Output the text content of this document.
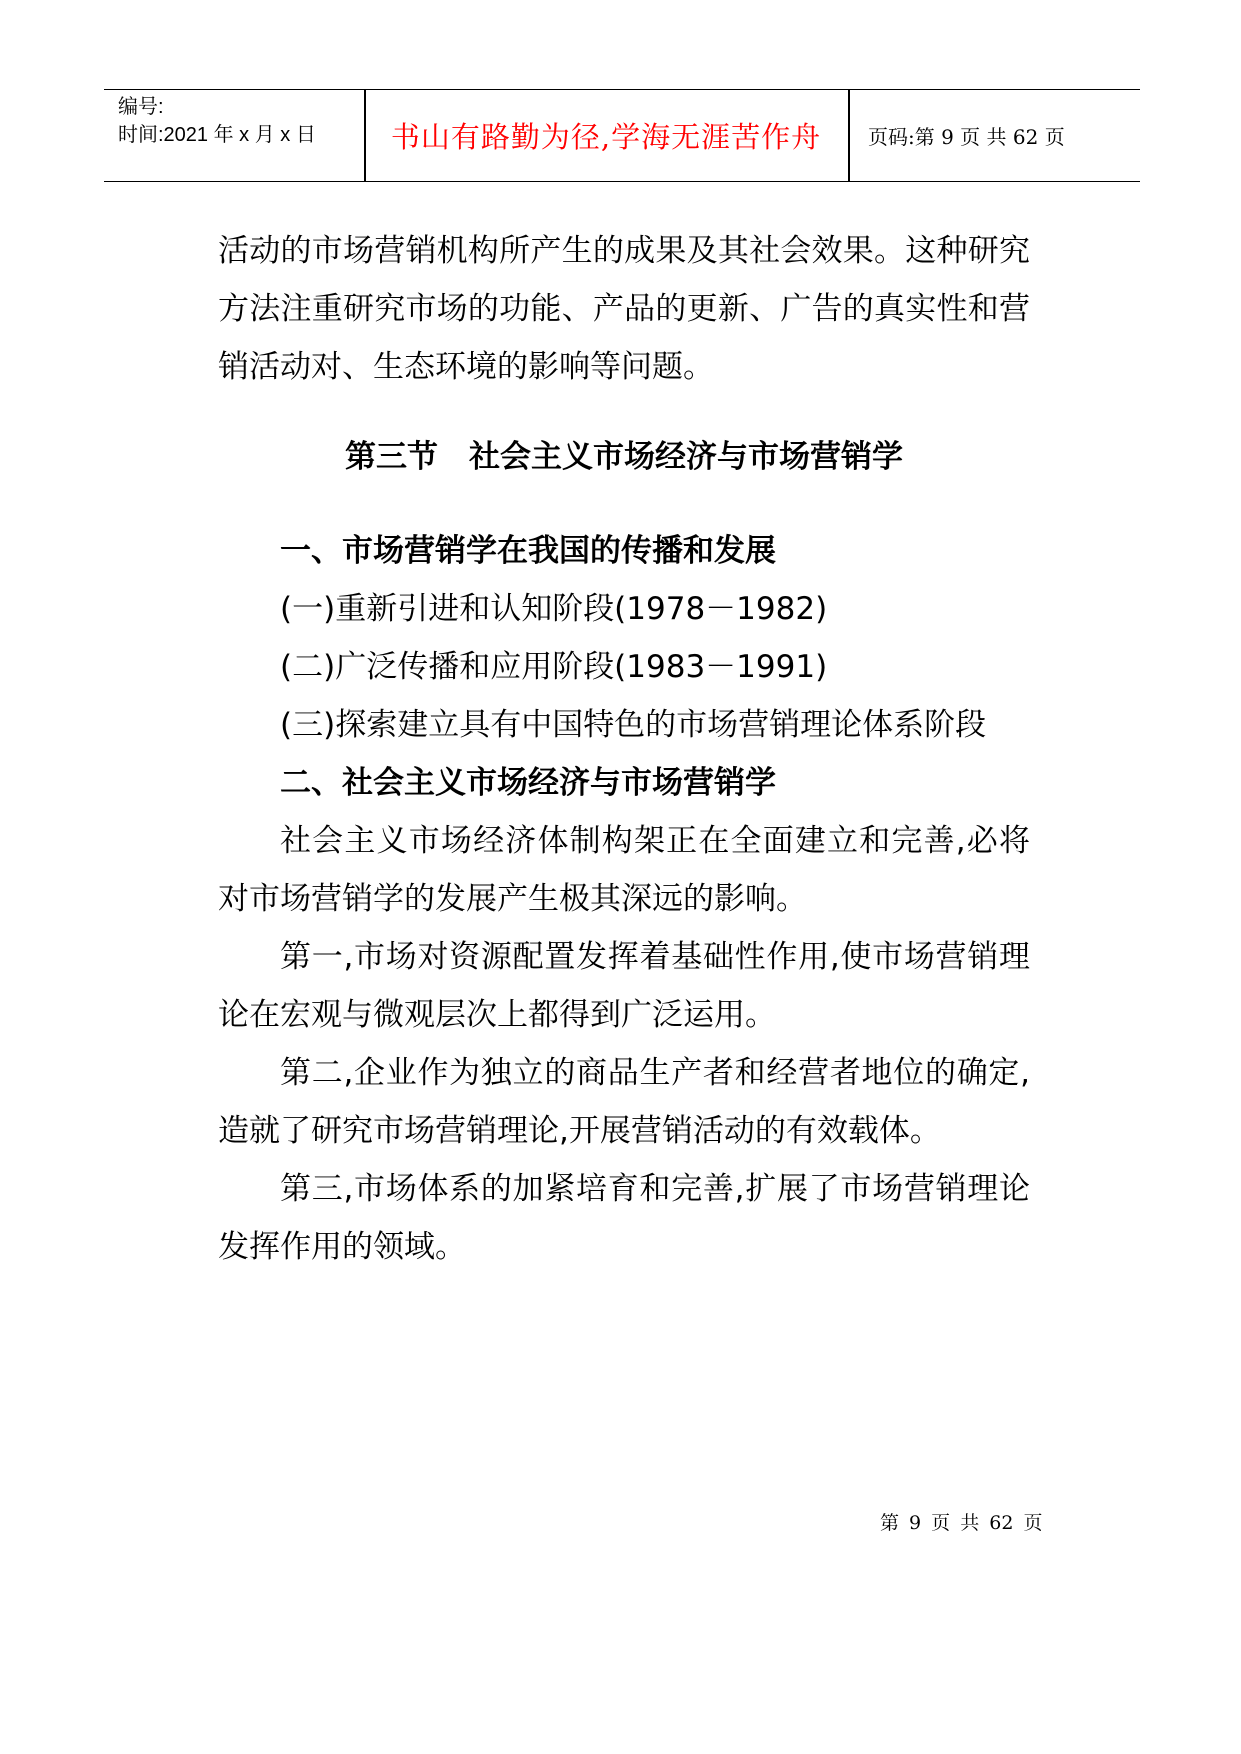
编号:
时间:2021 年 x 月 x 日	书山有路勤为径,学海无涯苦作舟	页码:第 9 页 共 62 页

活动的市场营销机构所产生的成果及其社会效果。这种研究方法注重研究市场的功能、产品的更新、广告的真实性和营销活动对、生态环境的影响等问题。

第三节　社会主义市场经济与市场营销学

一、市场营销学在我国的传播和发展

(一)重新引进和认知阶段(1978－1982)

(二)广泛传播和应用阶段(1983－1991)

(三)探索建立具有中国特色的市场营销理论体系阶段

二、社会主义市场经济与市场营销学

社会主义市场经济体制构架正在全面建立和完善,必将对市场营销学的发展产生极其深远的影响。

第一,市场对资源配置发挥着基础性作用,使市场营销理论在宏观与微观层次上都得到广泛运用。

第二,企业作为独立的商品生产者和经营者地位的确定,造就了研究市场营销理论,开展营销活动的有效载体。

第三,市场体系的加紧培育和完善,扩展了市场营销理论发挥作用的领域。

第 9 页 共 62 页
